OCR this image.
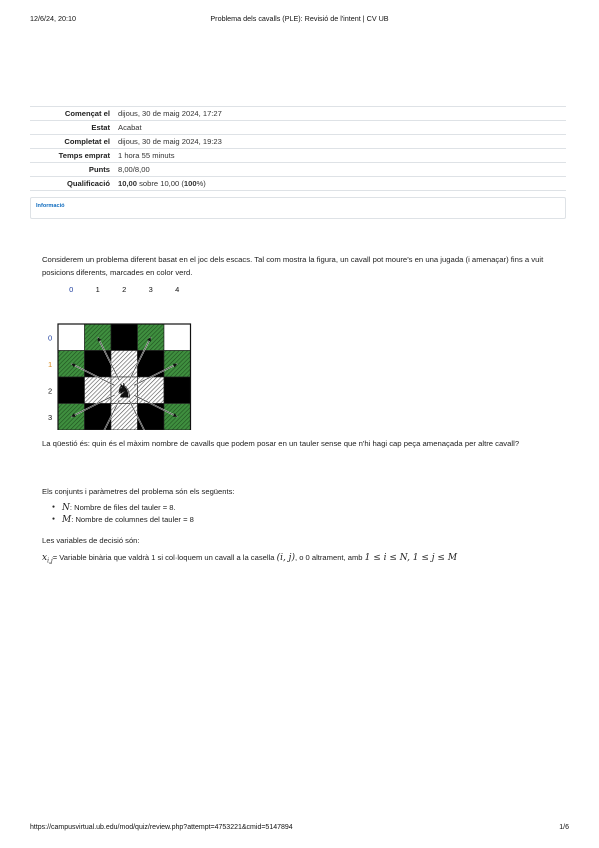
12/6/24, 20:10	Problema dels cavalls (PLE): Revisió de l'intent | CV UB
Començat el	dijous, 30 de maig 2024, 17:27
Estat	Acabat
Completat el	dijous, 30 de maig 2024, 19:23
Temps emprat	1 hora 55 minuts
Punts	8,00/8,00
Qualificació	10,00 sobre 10,00 (100%)
Informació

Considerem un problema diferent basat en el joc dels escacs. Tal com mostra la figura, un cavall pot moure's en una jugada (i amenaçar) fins a vuit posicions diferents, marcades en color verd.

0	1	2	3	4
0
1
2
3
♞
La qüestió és: quin és el màxim nombre de cavalls que podem posar en un tauler sense que n'hi hagi cap peça amenaçada per altre cavall?

Els conjunts i paràmetres del problema són els següents:

● N: Nombre de files del tauler = 8.
● M: Nombre de columnes del tauler = 8

Les variables de decisió són:

$x_{i,j}=$ Variable binària que valdrà 1 si col·loquem un cavall a la casella (i, j), o 0 altrament, amb 1 ≤ i ≤ N, 1 ≤ j ≤ M

https://campusvirtual.ub.edu/mod/quiz/review.php?attempt=4753221&cmid=5147894	1/6
